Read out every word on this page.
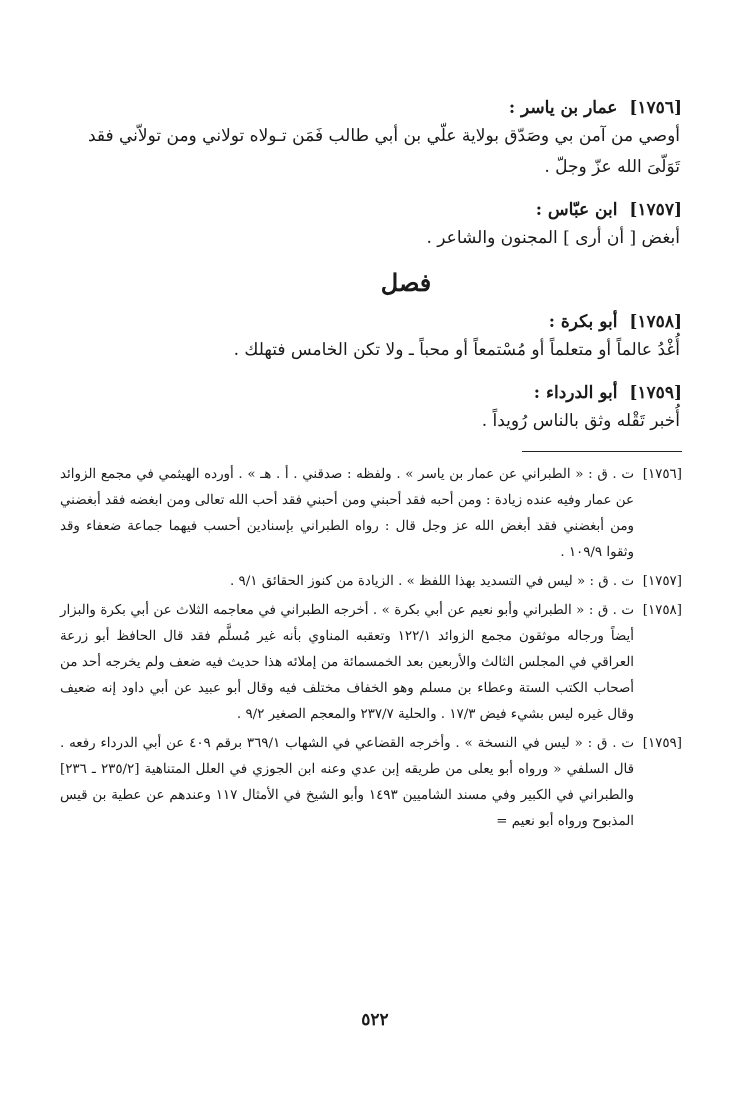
[١٧٥٦] عمار بن ياسر :
أوصي من آمن بي وصَدّق بولاية علّي بن أبي طالب فَمَن تـولاه تولاني ومن تولاّني فقد تَوَلّىَ الله عزّ وجلّ .
[١٧٥٧] ابن عبّاس :
أبغض [ أن أرى ] المجنون والشاعر .
فصل
[١٧٥٨] أبو بكرة :
أُغْدُ عالماً أو متعلماً أو مُسْتمعاً أو محباً ـ ولا تكن الخامس فتهلك .
[١٧٥٩] أبو الدرداء :
أُخبر تَقْله وثق بالناس رُويداً .
[١٧٥٦]
ت . ق : « الطبراني عن عمار بن ياسر » . ولفظه : صدقني . أ . هـ » . أورده الهيثمي في مجمع الزوائد عن عمار وفيه عنده زيادة : ومن أحبه فقد أحبني ومن أحبني فقد أحب الله تعالى ومن ابغضه فقد أبغضني ومن أبغضني فقد أبغض الله عز وجل قال : رواه الطبراني بإسنادين أحسب فيهما جماعة ضعفاء وقد وثقوا ١٠٩/٩ .
[١٧٥٧]
ت . ق : « ليس في التسديد بهذا اللفظ » . الزيادة من كنوز الحقائق ٩/١ .
[١٧٥٨]
ت . ق : « الطبراني وأبو نعيم عن أبي بكرة » . أخرجه الطبراني في معاجمه الثلاث عن أبي بكرة والبزار أيضاً ورجاله موثقون مجمع الزوائد ١٢٢/١ وتعقبه المناوي بأنه غير مُسلَّم فقد قال الحافظ أبو زرعة العراقي في المجلس الثالث والأربعين بعد الخمسمائة من إملائه هذا حديث فيه ضعف ولم يخرجه أحد من أصحاب الكتب الستة وعطاء بن مسلم وهو الخفاف مختلف فيه وقال أبو عبيد عن أبي داود إنه ضعيف وقال غيره ليس بشيء فيض ١٧/٣ . والحلية ٢٣٧/٧ والمعجم الصغير ٩/٢ .
[١٧٥٩]
ت . ق : « ليس في النسخة » . وأخرجه القضاعي في الشهاب ٣٦٩/١ برقم ٤٠٩ عن أبي الدرداء رفعه . قال السلفي « ورواه أبو يعلى من طريقه إبن عدي وعنه ابن الجوزي في العلل المتناهية [٢٣٥/٢ ـ ٢٣٦] والطبراني في الكبير وفي مسند الشاميين ١٤٩٣ وأبو الشيخ في الأمثال ١١٧ وعندهم عن عطية بن قيس المذبوح ورواه أبو نعيم =
٥٢٢
